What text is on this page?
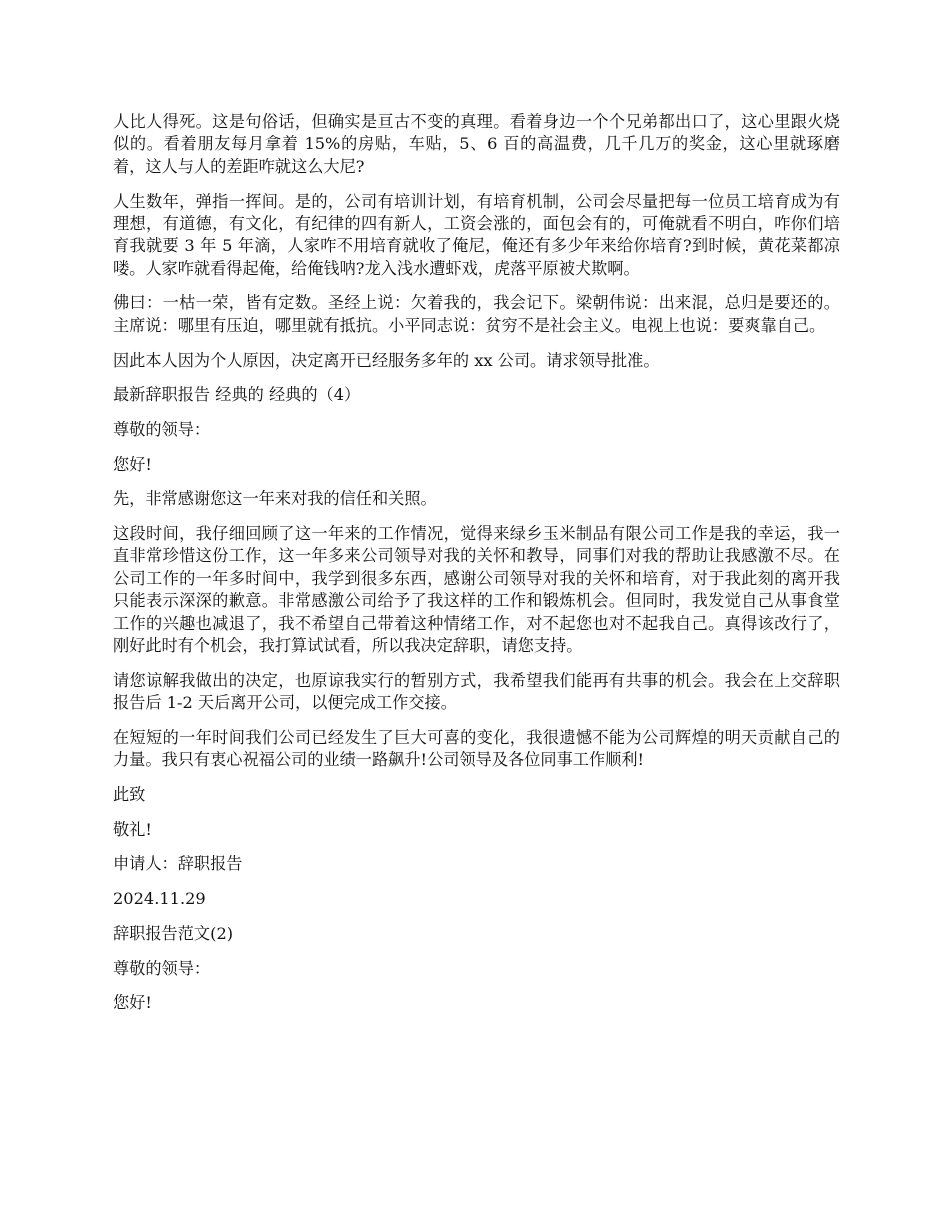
人比人得死。这是句俗话，但确实是亘古不变的真理。看着身边一个个兄弟都出口了，这心里跟火烧似的。看着朋友每月拿着 15%的房贴，车贴，5、6 百的高温费，几千几万的奖金，这心里就琢磨着，这人与人的差距咋就这么大尼?

人生数年，弹指一挥间。是的，公司有培训计划，有培育机制，公司会尽量把每一位员工培育成为有理想，有道德，有文化，有纪律的四有新人，工资会涨的，面包会有的，可俺就看不明白，咋你们培育我就要 3 年 5 年滴，人家咋不用培育就收了俺尼，俺还有多少年来给你培育?到时候，黄花菜都凉喽。人家咋就看得起俺，给俺钱呐?龙入浅水遭虾戏，虎落平原被犬欺啊。

佛曰：一枯一荣，皆有定数。圣经上说：欠着我的，我会记下。梁朝伟说：出来混，总归是要还的。主席说：哪里有压迫，哪里就有抵抗。小平同志说：贫穷不是社会主义。电视上也说：要爽靠自己。

因此本人因为个人原因，决定离开已经服务多年的 xx 公司。请求领导批准。

最新辞职报告 经典的 经典的（4）

尊敬的领导：

您好!

先，非常感谢您这一年来对我的信任和关照。

这段时间，我仔细回顾了这一年来的工作情况，觉得来绿乡玉米制品有限公司工作是我的幸运，我一直非常珍惜这份工作，这一年多来公司领导对我的关怀和教导，同事们对我的帮助让我感激不尽。在公司工作的一年多时间中，我学到很多东西，感谢公司领导对我的关怀和培育，对于我此刻的离开我只能表示深深的歉意。非常感激公司给予了我这样的工作和锻炼机会。但同时，我发觉自己从事食堂工作的兴趣也减退了，我不希望自己带着这种情绪工作，对不起您也对不起我自己。真得该改行了，刚好此时有个机会，我打算试试看，所以我决定辞职，请您支持。

请您谅解我做出的决定，也原谅我实行的暂别方式，我希望我们能再有共事的机会。我会在上交辞职报告后 1-2 天后离开公司，以便完成工作交接。

在短短的一年时间我们公司已经发生了巨大可喜的变化，我很遗憾不能为公司辉煌的明天贡献自己的力量。我只有衷心祝福公司的业绩一路飙升!公司领导及各位同事工作顺利!

此致

敬礼!

申请人：辞职报告

2024.11.29

辞职报告范文(2)

尊敬的领导：

您好!
